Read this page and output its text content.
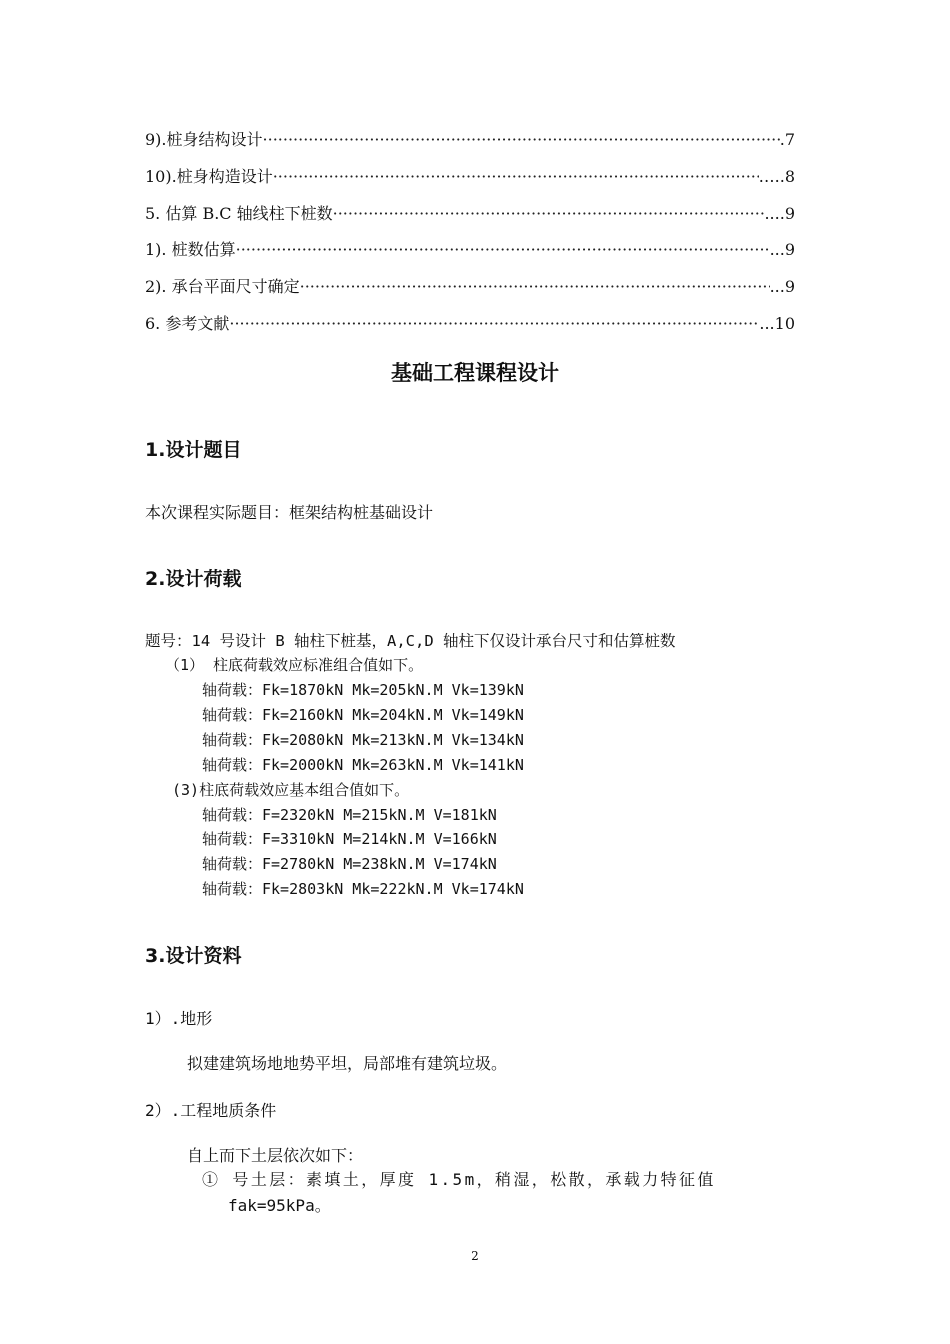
9).桩身结构设计 ·····	.7
10).桩身构造设计 ·····	…..8
5. 估算 B.C 轴线柱下桩数 ·····	....9
1). 桩数估算 ·····	...9
2). 承台平面尺寸确定 ·····	...9
6. 参考文献 ·····	...10
基础工程课程设计
1.设计题目
本次课程实际题目：框架结构桩基础设计
2.设计荷载
题号：14 号设计 B 轴柱下桩基，A,C,D 轴柱下仅设计承台尺寸和估算桩数
（1） 柱底荷载效应标准组合值如下。
轴荷载：Fk=1870kN Mk=205kN.M Vk=139kN
轴荷载：Fk=2160kN Mk=204kN.M Vk=149kN
轴荷载：Fk=2080kN Mk=213kN.M Vk=134kN
轴荷载：Fk=2000kN Mk=263kN.M Vk=141kN
(3)柱底荷载效应基本组合值如下。
轴荷载：F=2320kN M=215kN.M V=181kN
轴荷载：F=3310kN M=214kN.M V=166kN
轴荷载：F=2780kN M=238kN.M V=174kN
轴荷载：Fk=2803kN Mk=222kN.M Vk=174kN
3.设计资料
1）.地形
拟建建筑场地地势平坦，局部堆有建筑垃圾。
2）.工程地质条件
自上而下土层依次如下：
① 号土层：素填土，厚度 1.5m，稍湿，松散，承载力特征值
fak=95kPa。
2
